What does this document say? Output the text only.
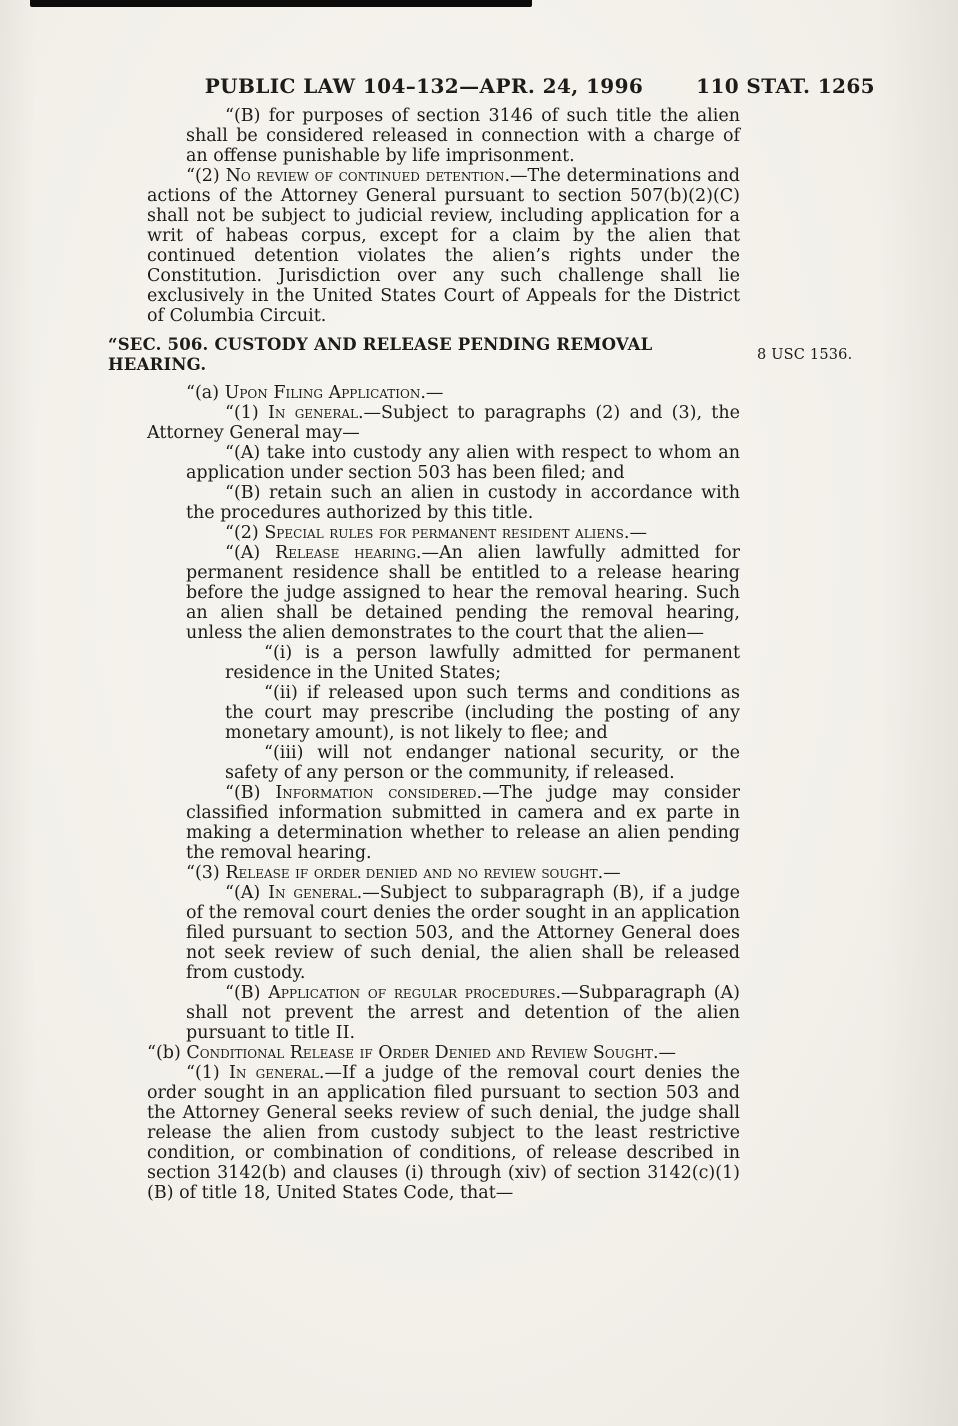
PUBLIC LAW 104–132—APR. 24, 1996	110 STAT. 1265
8 USC 1536.

“(B) for purposes of section 3146 of such title the alien shall be considered released in connection with a charge of an offense punishable by life imprisonment.

“(2) No review of continued detention.—The determinations and actions of the Attorney General pursuant to section 507(b)(2)(C) shall not be subject to judicial review, including application for a writ of habeas corpus, except for a claim by the alien that continued detention violates the alien’s rights under the Constitution. Jurisdiction over any such challenge shall lie exclusively in the United States Court of Appeals for the District of Columbia Circuit.

“SEC. 506. CUSTODY AND RELEASE PENDING REMOVAL HEARING.

“(a) Upon Filing Application.—

“(1) In general.—Subject to paragraphs (2) and (3), the Attorney General may—

“(A) take into custody any alien with respect to whom an application under section 503 has been filed; and

“(B) retain such an alien in custody in accordance with the procedures authorized by this title.

“(2) Special rules for permanent resident aliens.—

“(A) Release hearing.—An alien lawfully admitted for permanent residence shall be entitled to a release hearing before the judge assigned to hear the removal hearing. Such an alien shall be detained pending the removal hearing, unless the alien demonstrates to the court that the alien—

“(i) is a person lawfully admitted for permanent residence in the United States;

“(ii) if released upon such terms and conditions as the court may prescribe (including the posting of any monetary amount), is not likely to flee; and

“(iii) will not endanger national security, or the safety of any person or the community, if released.

“(B) Information considered.—The judge may consider classified information submitted in camera and ex parte in making a determination whether to release an alien pending the removal hearing.

“(3) Release if order denied and no review sought.—

“(A) In general.—Subject to subparagraph (B), if a judge of the removal court denies the order sought in an application filed pursuant to section 503, and the Attorney General does not seek review of such denial, the alien shall be released from custody.

“(B) Application of regular procedures.—Subparagraph (A) shall not prevent the arrest and detention of the alien pursuant to title II.

“(b) Conditional Release if Order Denied and Review Sought.—

“(1) In general.—If a judge of the removal court denies the order sought in an application filed pursuant to section 503 and the Attorney General seeks review of such denial, the judge shall release the alien from custody subject to the least restrictive condition, or combination of conditions, of release described in section 3142(b) and clauses (i) through (xiv) of section 3142(c)(1)(B) of title 18, United States Code, that—
